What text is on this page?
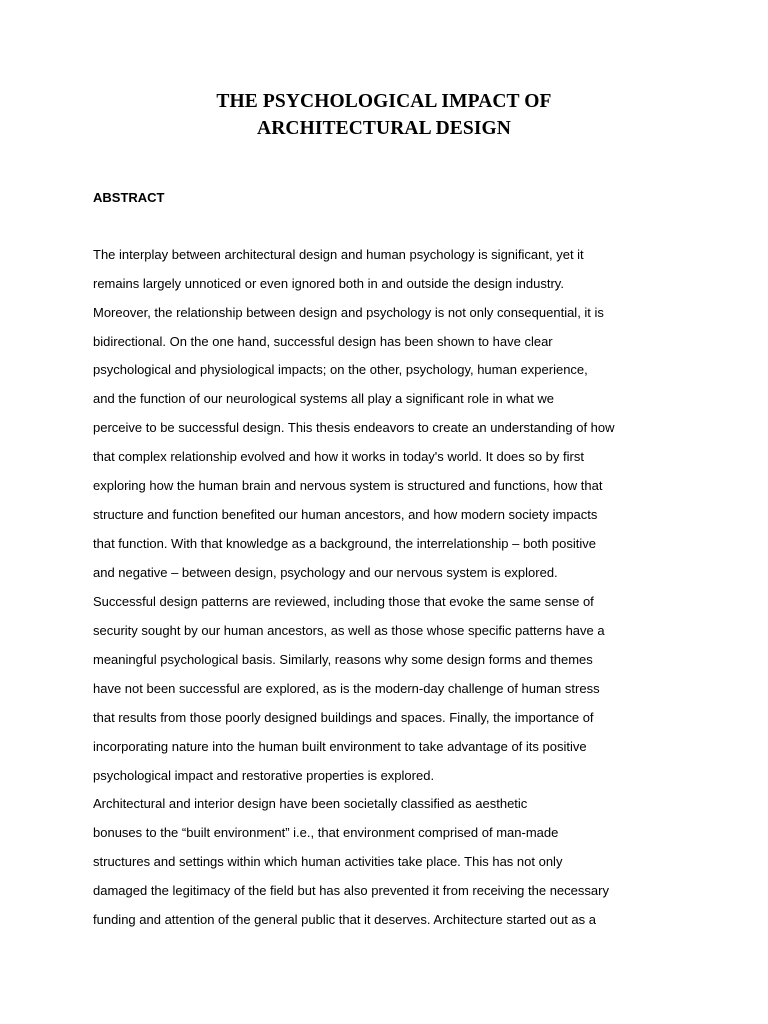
THE PSYCHOLOGICAL IMPACT OF
ARCHITECTURAL DESIGN
ABSTRACT
The interplay between architectural design and human psychology is significant, yet it
remains largely unnoticed or even ignored both in and outside the design industry.
Moreover, the relationship between design and psychology is not only consequential, it is
bidirectional. On the one hand, successful design has been shown to have clear
psychological and physiological impacts; on the other, psychology, human experience,
and the function of our neurological systems all play a significant role in what we
perceive to be successful design. This thesis endeavors to create an understanding of how
that complex relationship evolved and how it works in today's world. It does so by first
exploring how the human brain and nervous system is structured and functions, how that
structure and function benefited our human ancestors, and how modern society impacts
that function. With that knowledge as a background, the interrelationship – both positive
and negative – between design, psychology and our nervous system is explored.
Successful design patterns are reviewed, including those that evoke the same sense of
security sought by our human ancestors, as well as those whose specific patterns have a
meaningful psychological basis. Similarly, reasons why some design forms and themes
have not been successful are explored, as is the modern-day challenge of human stress
that results from those poorly designed buildings and spaces. Finally, the importance of
incorporating nature into the human built environment to take advantage of its positive
psychological impact and restorative properties is explored.
Architectural and interior design have been societally classified as aesthetic
bonuses to the “built environment” i.e., that environment comprised of man-made
structures and settings within which human activities take place. This has not only
damaged the legitimacy of the field but has also prevented it from receiving the necessary
funding and attention of the general public that it deserves. Architecture started out as a
